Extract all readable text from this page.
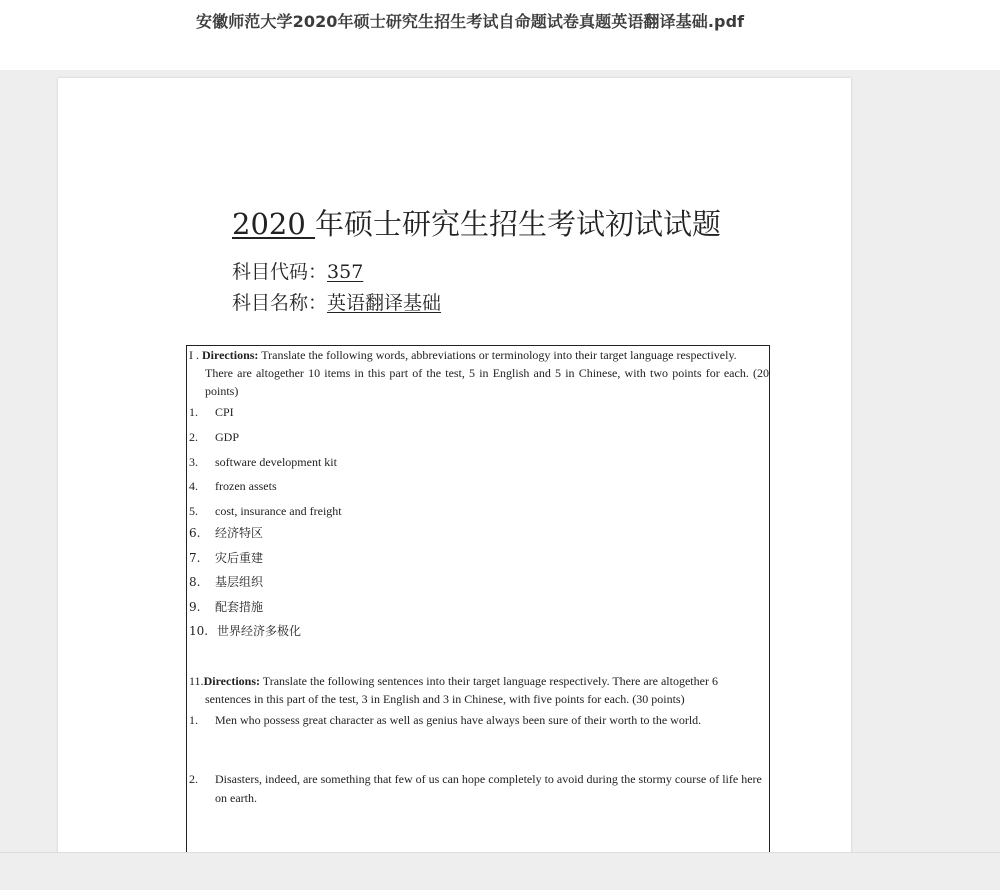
安徽师范大学2020年硕士研究生招生考试自命题试卷真题英语翻译基础.pdf
2020 年硕士研究生招生考试初试试题
科目代码：357
科目名称：英语翻译基础
I . Directions: Translate the following words, abbreviations or terminology into their target language respectively.
There are altogether 10 items in this part of the test, 5 in English and 5 in Chinese, with two points for each. (20 points)
1.	CPI
2.	GDP
3.	software development kit
4.	frozen assets
5.	cost, insurance and freight
6.	经济特区
7.	灾后重建
8.	基层组织
9.	配套措施
10. 世界经济多极化
11.Directions: Translate the following sentences into their target language respectively. There are altogether 6
sentences in this part of the test, 3 in English and 3 in Chinese, with five points for each. (30 points)
1.	Men who possess great character as well as genius have always been sure of their worth to the world.
2.	Disasters, indeed, are something that few of us can hope completely to avoid during the stormy course of life here on earth.
